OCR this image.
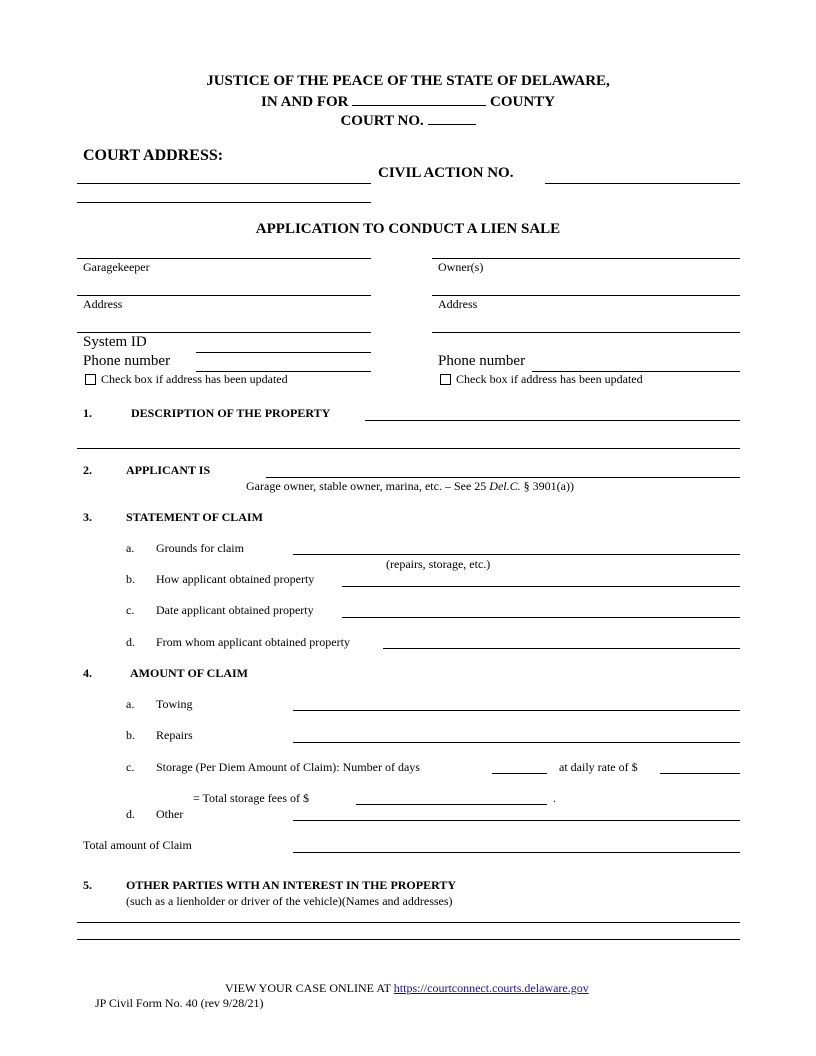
JUSTICE OF THE PEACE OF THE STATE OF DELAWARE,
IN AND FOR	COUNTY
COURT NO.
COURT ADDRESS:
CIVIL ACTION NO.
APPLICATION TO CONDUCT A LIEN SALE
Garagekeeper
Address
System ID
Phone number
Check box if address has been updated
Owner(s)
Address
Phone number
Check box if address has been updated
1.	DESCRIPTION OF THE PROPERTY
2.	APPLICANT IS
Garage owner, stable owner, marina, etc. – See 25 Del.C. § 3901(a))
3.	STATEMENT OF CLAIM
a. Grounds for claim
(repairs, storage, etc.)
b. How applicant obtained property
c. Date applicant obtained property
d. From whom applicant obtained property
4.	AMOUNT OF CLAIM
a. Towing
b. Repairs
c. Storage (Per Diem Amount of Claim): Number of days	at daily rate of $
= Total storage fees of $	.
d. Other
Total amount of Claim
5.	OTHER PARTIES WITH AN INTEREST IN THE PROPERTY
(such as a lienholder or driver of the vehicle)(Names and addresses)
VIEW YOUR CASE ONLINE AT https://courtconnect.courts.delaware.gov
JP Civil Form No. 40 (rev 9/28/21)
